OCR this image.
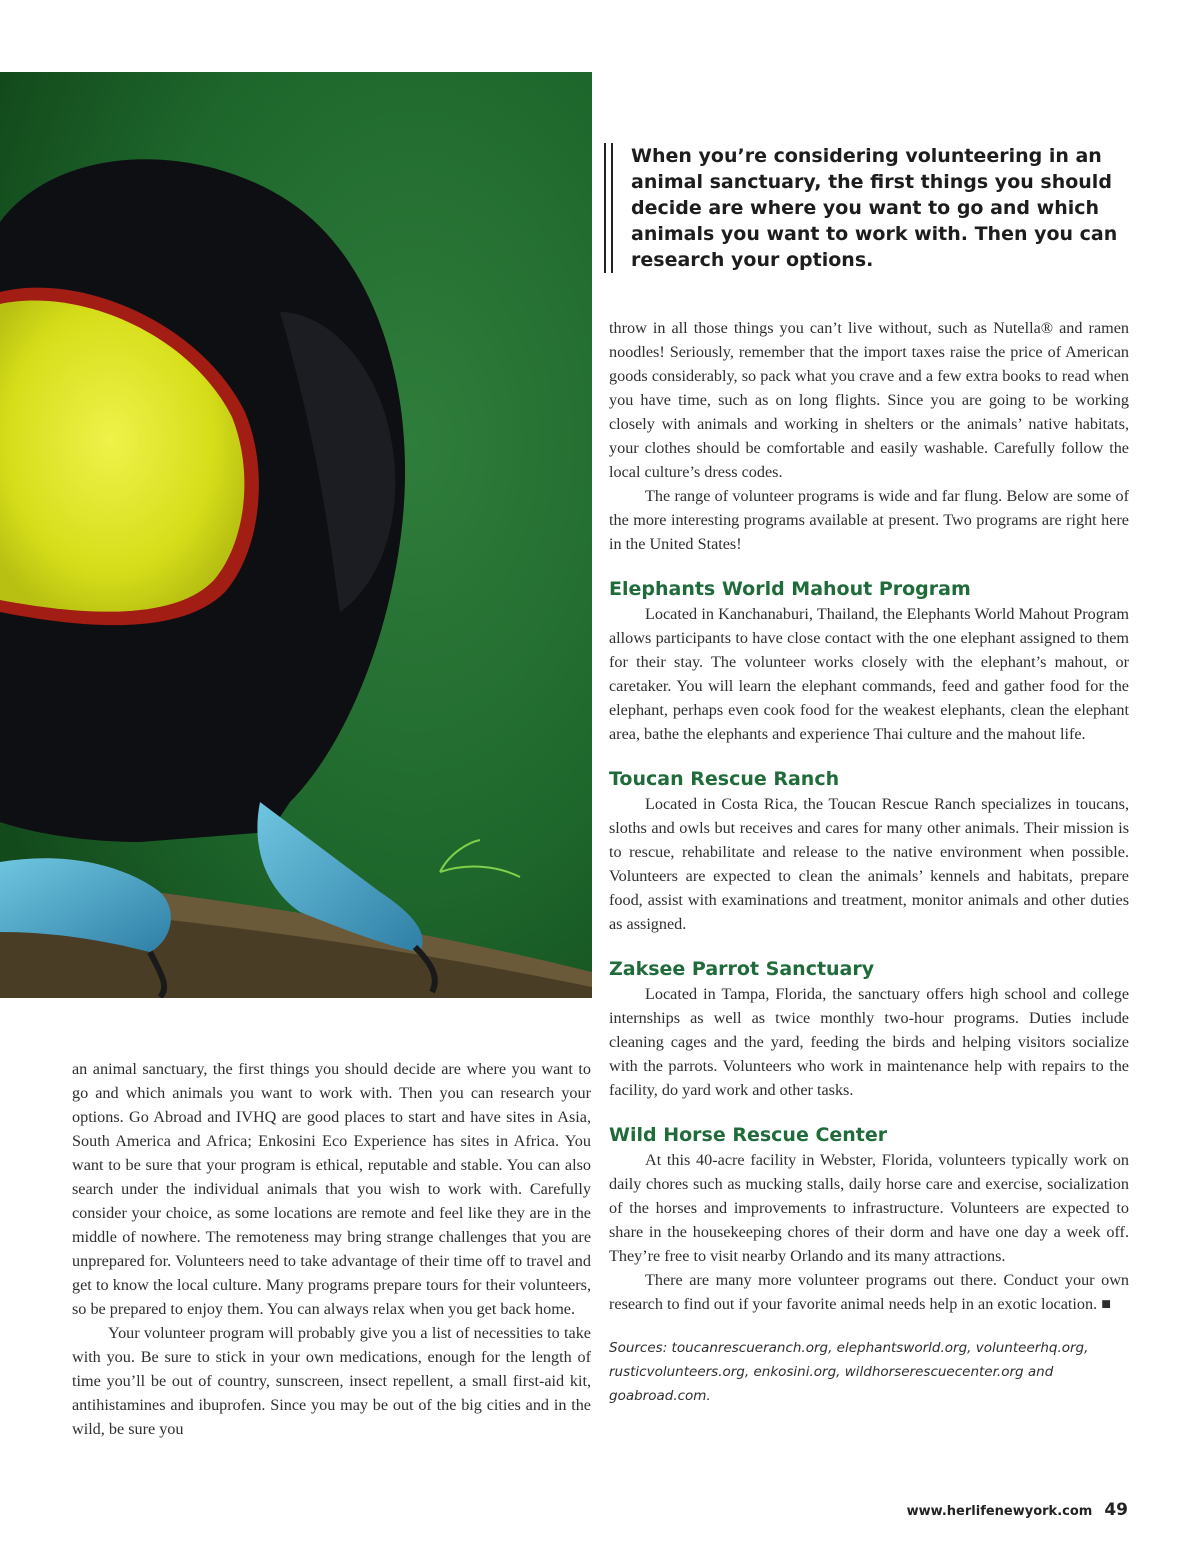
When you’re considering volunteering in an animal sanctuary, the first things you should decide are where you want to go and which animals you want to work with. Then you can research your options.

throw in all those things you can’t live without, such as Nutella® and ramen noodles! Seriously, remember that the import taxes raise the price of American goods considerably, so pack what you crave and a few extra books to read when you have time, such as on long flights. Since you are going to be working closely with animals and working in shelters or the animals’ native habitats, your clothes should be comfortable and easily washable. Carefully follow the local culture’s dress codes.

The range of volunteer programs is wide and far flung. Below are some of the more interesting programs available at present. Two programs are right here in the United States!

Elephants World Mahout Program

Located in Kanchanaburi, Thailand, the Elephants World Mahout Program allows participants to have close contact with the one elephant assigned to them for their stay. The volunteer works closely with the elephant’s mahout, or caretaker. You will learn the elephant commands, feed and gather food for the elephant, perhaps even cook food for the weakest elephants, clean the elephant area, bathe the elephants and experience Thai culture and the mahout life.

Toucan Rescue Ranch

Located in Costa Rica, the Toucan Rescue Ranch specializes in toucans, sloths and owls but receives and cares for many other animals. Their mission is to rescue, rehabilitate and release to the native environment when possible. Volunteers are expected to clean the animals’ kennels and habitats, prepare food, assist with examinations and treatment, monitor animals and other duties as assigned.

Zaksee Parrot Sanctuary

Located in Tampa, Florida, the sanctuary offers high school and college internships as well as twice monthly two-hour programs. Duties include cleaning cages and the yard, feeding the birds and helping visitors socialize with the parrots. Volunteers who work in maintenance help with repairs to the facility, do yard work and other tasks.

Wild Horse Rescue Center

At this 40-acre facility in Webster, Florida, volunteers typically work on daily chores such as mucking stalls, daily horse care and exercise, socialization of the horses and improvements to infrastructure. Volunteers are expected to share in the housekeeping chores of their dorm and have one day a week off. They’re free to visit nearby Orlando and its many attractions.

There are many more volunteer programs out there. Conduct your own research to find out if your favorite animal needs help in an exotic location. ■

Sources: toucanrescueranch.org, elephantsworld.org, volunteerhq.org, rusticvolunteers.org, enkosini.org, wildhorserescuecenter.org and goabroad.com.

an animal sanctuary, the first things you should decide are where you want to go and which animals you want to work with. Then you can research your options. Go Abroad and IVHQ are good places to start and have sites in Asia, South America and Africa; Enkosini Eco Experience has sites in Africa. You want to be sure that your program is ethical, reputable and stable. You can also search under the individual animals that you wish to work with. Carefully consider your choice, as some locations are remote and feel like they are in the middle of nowhere. The remoteness may bring strange challenges that you are unprepared for. Volunteers need to take advantage of their time off to travel and get to know the local culture. Many programs prepare tours for their volunteers, so be prepared to enjoy them. You can always relax when you get back home.

Your volunteer program will probably give you a list of necessities to take with you. Be sure to stick in your own medications, enough for the length of time you’ll be out of country, sunscreen, insect repellent, a small first-aid kit, antihistamines and ibuprofen. Since you may be out of the big cities and in the wild, be sure you

www.herlifenewyork.com 49
